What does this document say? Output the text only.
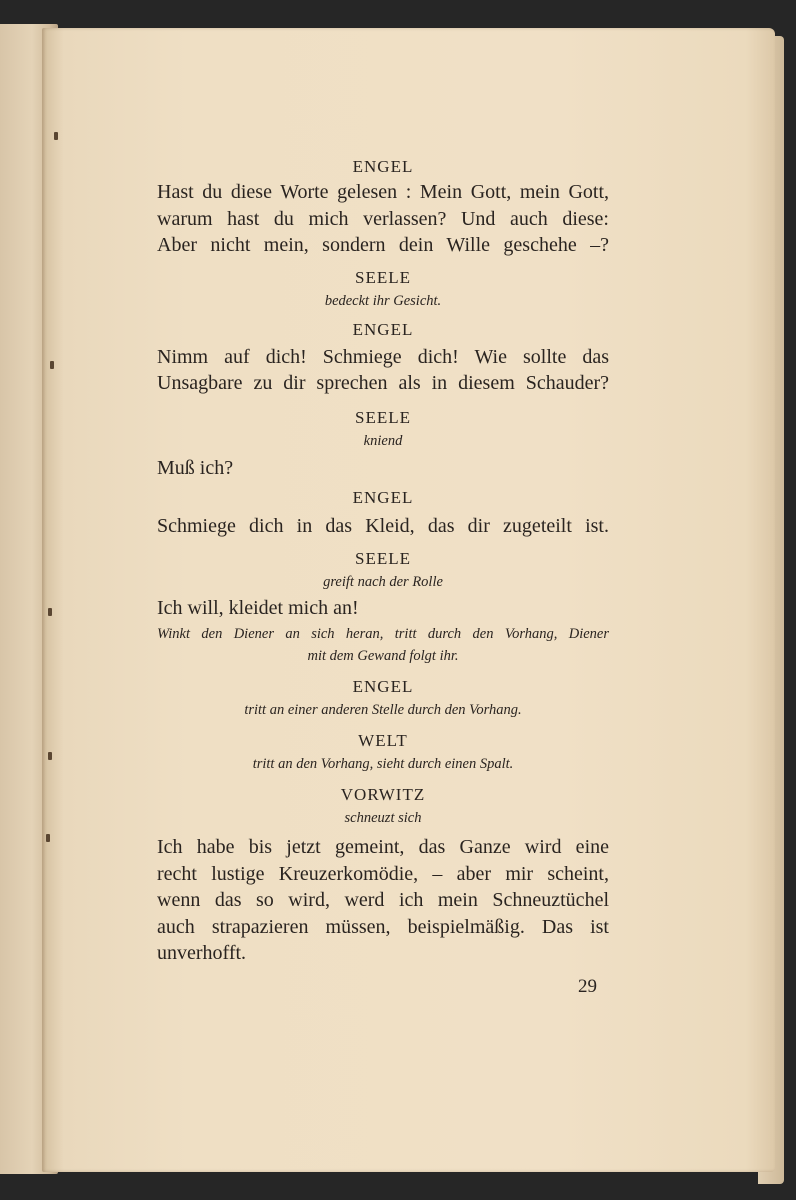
ENGEL
Hast du diese Worte gelesen : Mein Gott, mein Gott,
warum hast du mich verlassen? Und auch diese:
Aber nicht mein, sondern dein Wille geschehe –?
SEELE
bedeckt ihr Gesicht.
ENGEL
Nimm auf dich! Schmiege dich! Wie sollte das
Unsagbare zu dir sprechen als in diesem Schauder?
SEELE
kniend
Muß ich?
ENGEL
Schmiege dich in das Kleid, das dir zugeteilt ist.
SEELE
greift nach der Rolle
Ich will, kleidet mich an!
Winkt den Diener an sich heran, tritt durch den Vorhang, Diener
mit dem Gewand folgt ihr.
ENGEL
tritt an einer anderen Stelle durch den Vorhang.
WELT
tritt an den Vorhang, sieht durch einen Spalt.
VORWITZ
schneuzt sich
Ich habe bis jetzt gemeint, das Ganze wird eine
recht lustige Kreuzerkomödie, – aber mir scheint,
wenn das so wird, werd ich mein Schneuztüchel
auch strapazieren müssen, beispielmäßig. Das ist
unverhofft.
29
